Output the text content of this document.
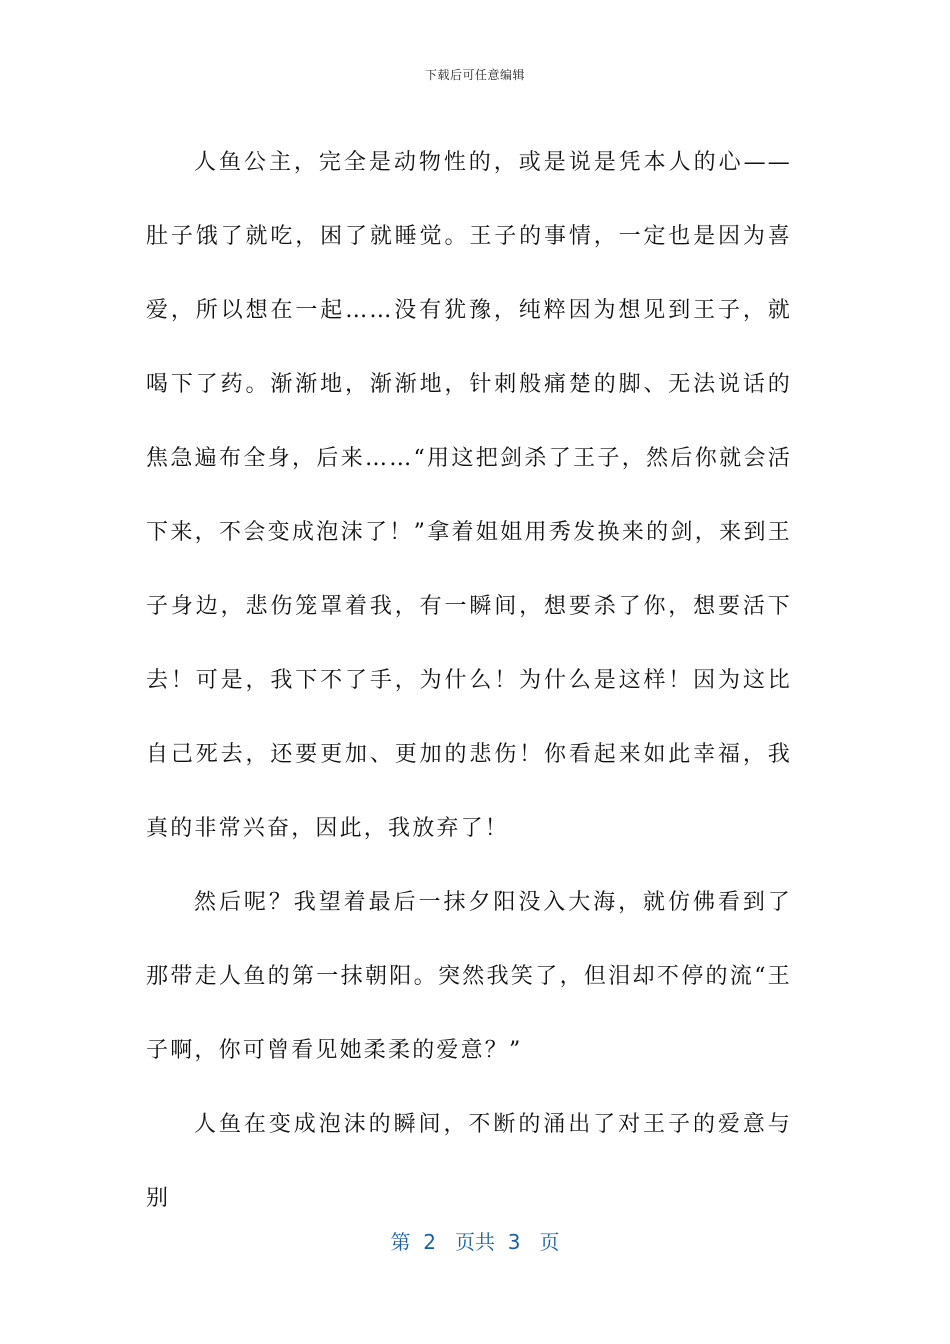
下载后可任意编辑

人鱼公主，完全是动物性的，或是说是凭本人的心——肚子饿了就吃，困了就睡觉。王子的事情，一定也是因为喜爱，所以想在一起……没有犹豫，纯粹因为想见到王子，就喝下了药。渐渐地，渐渐地，针刺般痛楚的脚、无法说话的焦急遍布全身，后来……“用这把剑杀了王子，然后你就会活下来，不会变成泡沫了！”拿着姐姐用秀发换来的剑，来到王子身边，悲伤笼罩着我，有一瞬间，想要杀了你，想要活下去！可是，我下不了手，为什么！为什么是这样！因为这比自己死去，还要更加、更加的悲伤！你看起来如此幸福，我真的非常兴奋，因此，我放弃了！

然后呢？我望着最后一抹夕阳没入大海，就仿佛看到了那带走人鱼的第一抹朝阳。突然我笑了，但泪却不停的流“王子啊，你可曾看见她柔柔的爱意？”

人鱼在变成泡沫的瞬间，不断的涌出了对王子的爱意与别

第  2   页共  3   页
